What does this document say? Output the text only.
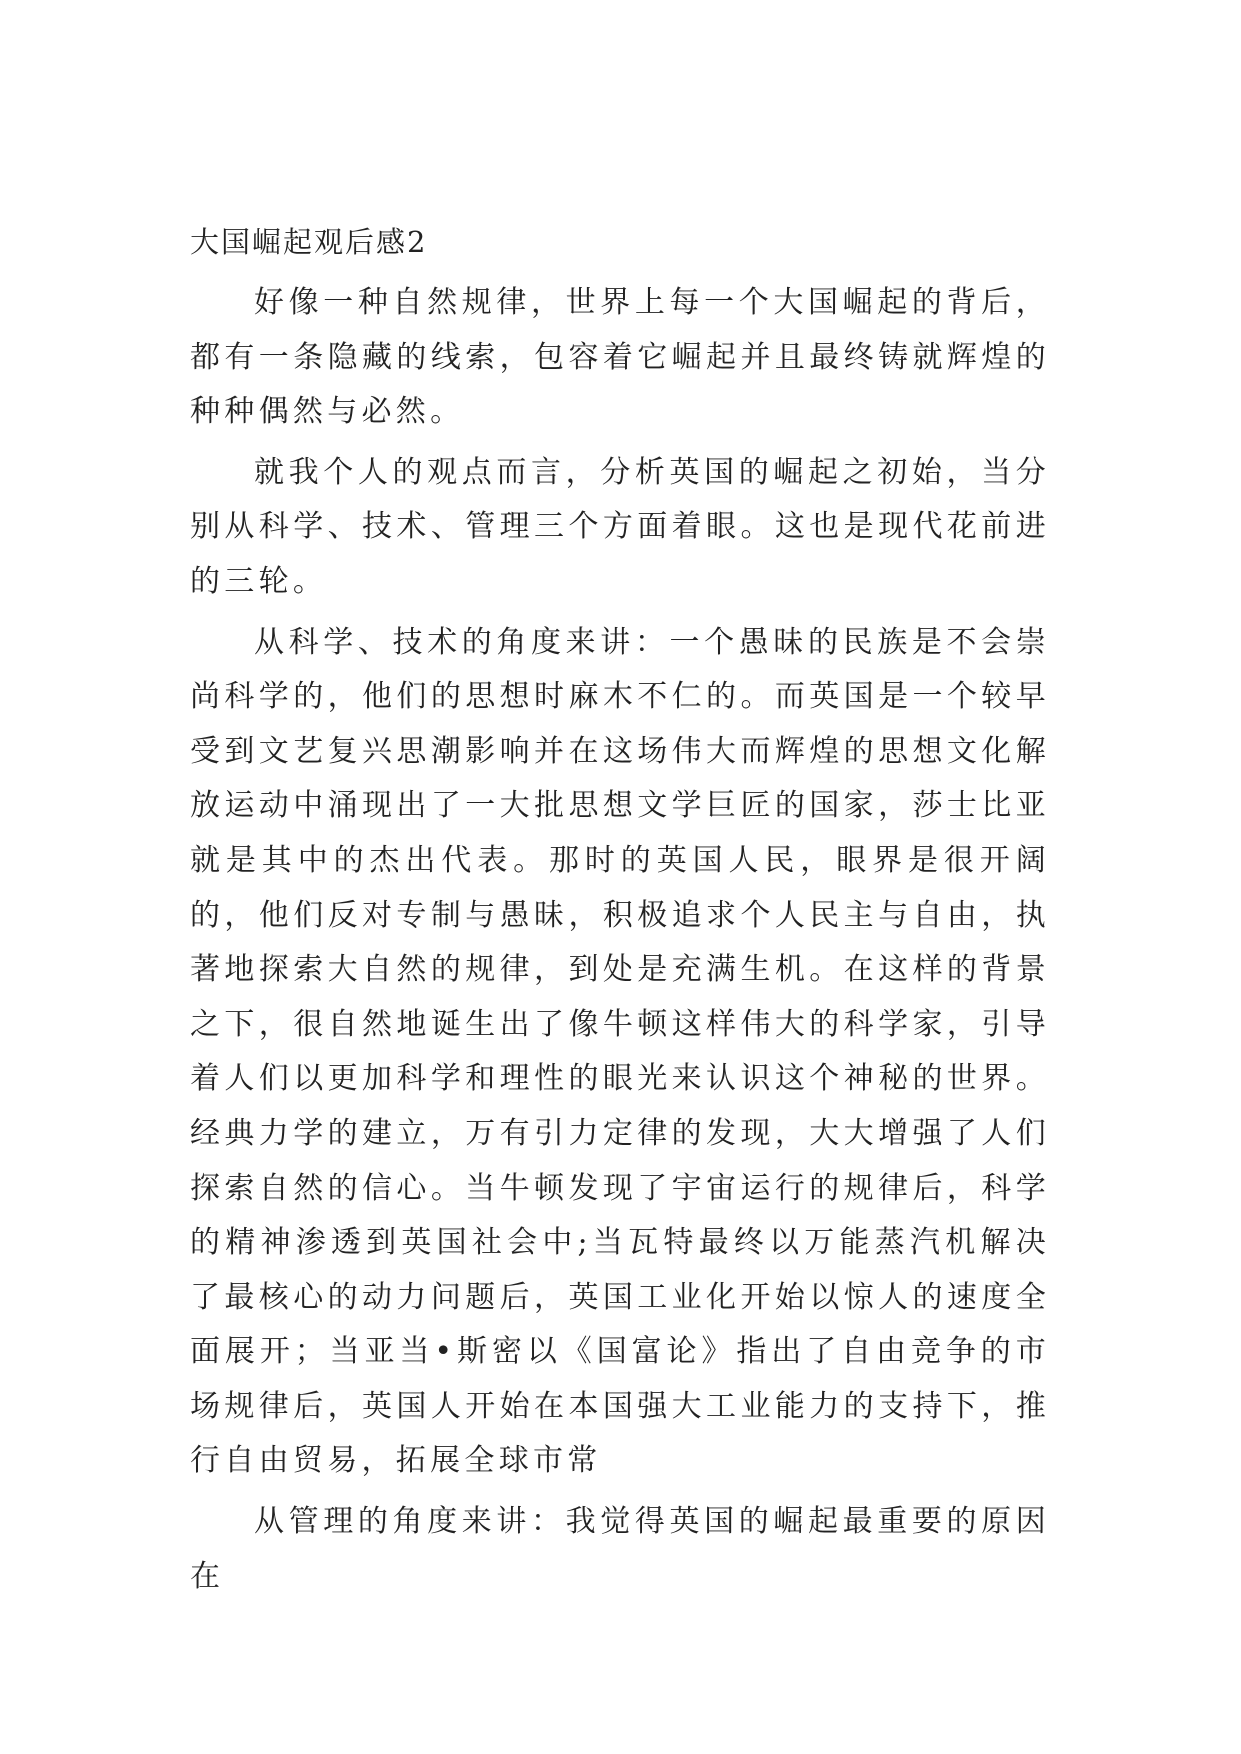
大国崛起观后感2

好像一种自然规律，世界上每一个大国崛起的背后，都有一条隐藏的线索，包容着它崛起并且最终铸就辉煌的种种偶然与必然。

就我个人的观点而言，分析英国的崛起之初始，当分别从科学、技术、管理三个方面着眼。这也是现代花前进的三轮。

从科学、技术的角度来讲：一个愚昧的民族是不会崇尚科学的，他们的思想时麻木不仁的。而英国是一个较早受到文艺复兴思潮影响并在这场伟大而辉煌的思想文化解放运动中涌现出了一大批思想文学巨匠的国家，莎士比亚就是其中的杰出代表。那时的英国人民，眼界是很开阔的，他们反对专制与愚昧，积极追求个人民主与自由，执著地探索大自然的规律，到处是充满生机。在这样的背景之下，很自然地诞生出了像牛顿这样伟大的科学家，引导着人们以更加科学和理性的眼光来认识这个神秘的世界。经典力学的建立，万有引力定律的发现，大大增强了人们探索自然的信心。当牛顿发现了宇宙运行的规律后，科学的精神渗透到英国社会中;当瓦特最终以万能蒸汽机解决了最核心的动力问题后，英国工业化开始以惊人的速度全面展开；当亚当•斯密以《国富论》指出了自由竞争的市场规律后，英国人开始在本国强大工业能力的支持下，推行自由贸易，拓展全球市常

从管理的角度来讲：我觉得英国的崛起最重要的原因在
